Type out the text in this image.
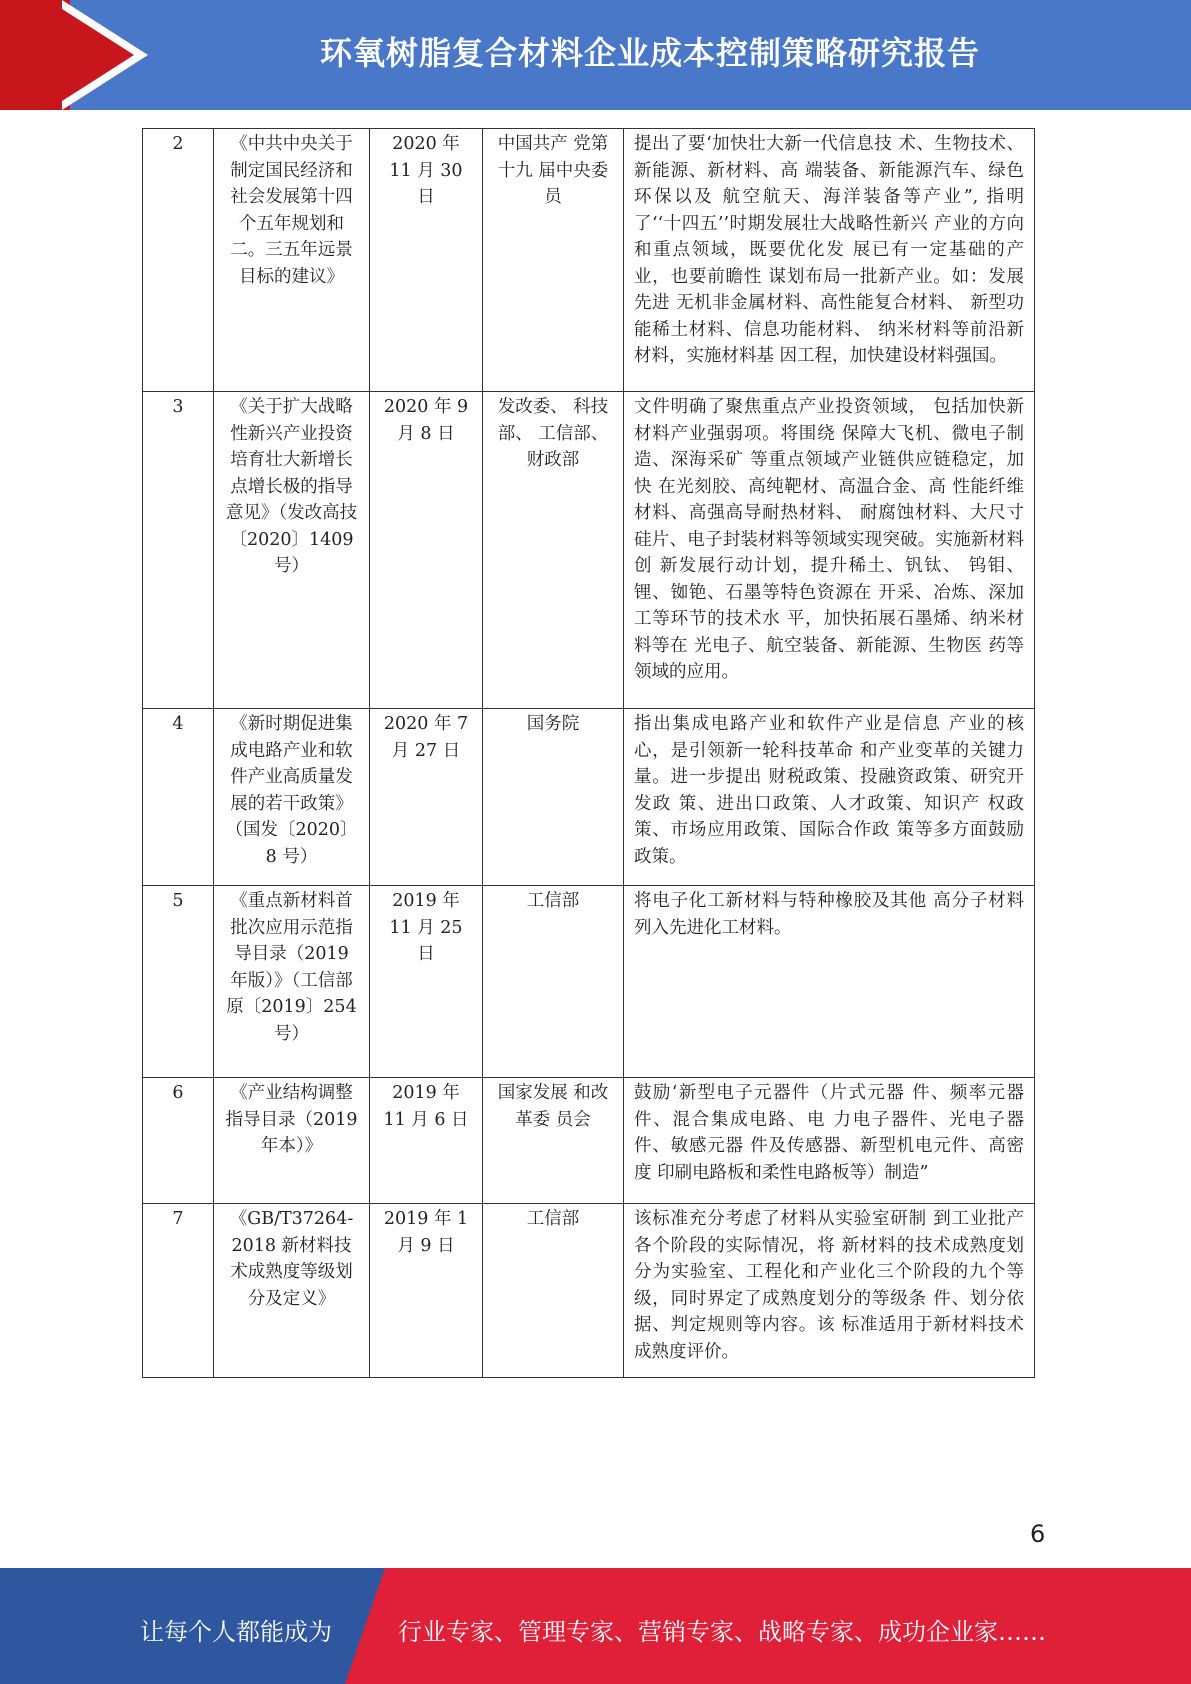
环氧树脂复合材料企业成本控制策略研究报告
2	《中共中央关于制定国民经济和社会发展第十四个五年规划和二。三五年远景目标的建议》	2020 年 11 月 30 日	中国共产 党第十九 届中央委 员	提出了要‘加快壮大新一代信息技 术、生物技术、新能源、新材料、高 端装备、新能源汽车、绿色环保以及 航空航天、海洋装备等产业”, 指明 了‘‘十四五’’时期发展壮大战略性新兴 产业的方向和重点领域，既要优化发 展已有一定基础的产业，也要前瞻性 谋划布局一批新产业。如：发展先进 无机非金属材料、高性能复合材料、 新型功能稀土材料、信息功能材料、 纳米材料等前沿新材料，实施材料基 因工程，加快建设材料强国。
3	《关于扩大战略性新兴产业投资培育壮大新增长点增长极的指导意见》（发改高技〔2020〕1409 号）	2020 年 9 月 8 日	发改委、 科技部、 工信部、 财政部	文件明确了聚焦重点产业投资领域， 包括加快新材料产业强弱项。将围绕 保障大飞机、微电子制造、深海采矿 等重点领域产业链供应链稳定，加快 在光刻胶、高纯靶材、高温合金、高 性能纤维材料、高强高导耐热材料、 耐腐蚀材料、大尺寸硅片、电子封装材料等领域实现突破。实施新材料创 新发展行动计划，提升稀土、钒钛、 钨钼、锂、铷铯、石墨等特色资源在 开采、冶炼、深加工等环节的技术水 平，加快拓展石墨烯、纳米材料等在 光电子、航空装备、新能源、生物医 药等领域的应用。
4	《新时期促进集成电路产业和软件产业高质量发展的若干政策》（国发〔2020〕 8 号）	2020 年 7 月 27 日	国务院	指出集成电路产业和软件产业是信息 产业的核心，是引领新一轮科技革命 和产业变革的关键力量。进一步提出 财税政策、投融资政策、研究开发政 策、进出口政策、人才政策、知识产 权政策、市场应用政策、国际合作政 策等多方面鼓励政策。
5	《重点新材料首批次应用示范指导目录（2019 年版）》（工信部原〔2019〕254 号）	2019 年 11 月 25 日	工信部	将电子化工新材料与特种橡胶及其他 高分子材料列入先进化工材料。
6	《产业结构调整指导目录（2019 年本）》	2019 年 11 月 6 日	国家发展 和改革委 员会	鼓励‘新型电子元器件（片式元器 件、频率元器件、混合集成电路、电 力电子器件、光电子器件、敏感元器 件及传感器、新型机电元件、高密度 印刷电路板和柔性电路板等）制造”
7	《GB/T37264-2018 新材料技术成熟度等级划分及定义》	2019 年 1 月 9 日	工信部	该标准充分考虑了材料从实验室研制 到工业批产各个阶段的实际情况，将 新材料的技术成熟度划分为实验室、工程化和产业化三个阶段的九个等 级，同时界定了成熟度划分的等级条 件、划分依据、判定规则等内容。该 标准适用于新材料技术成熟度评价。
6
让每个人都能成为	行业专家、管理专家、营销专家、战略专家、成功企业家……
